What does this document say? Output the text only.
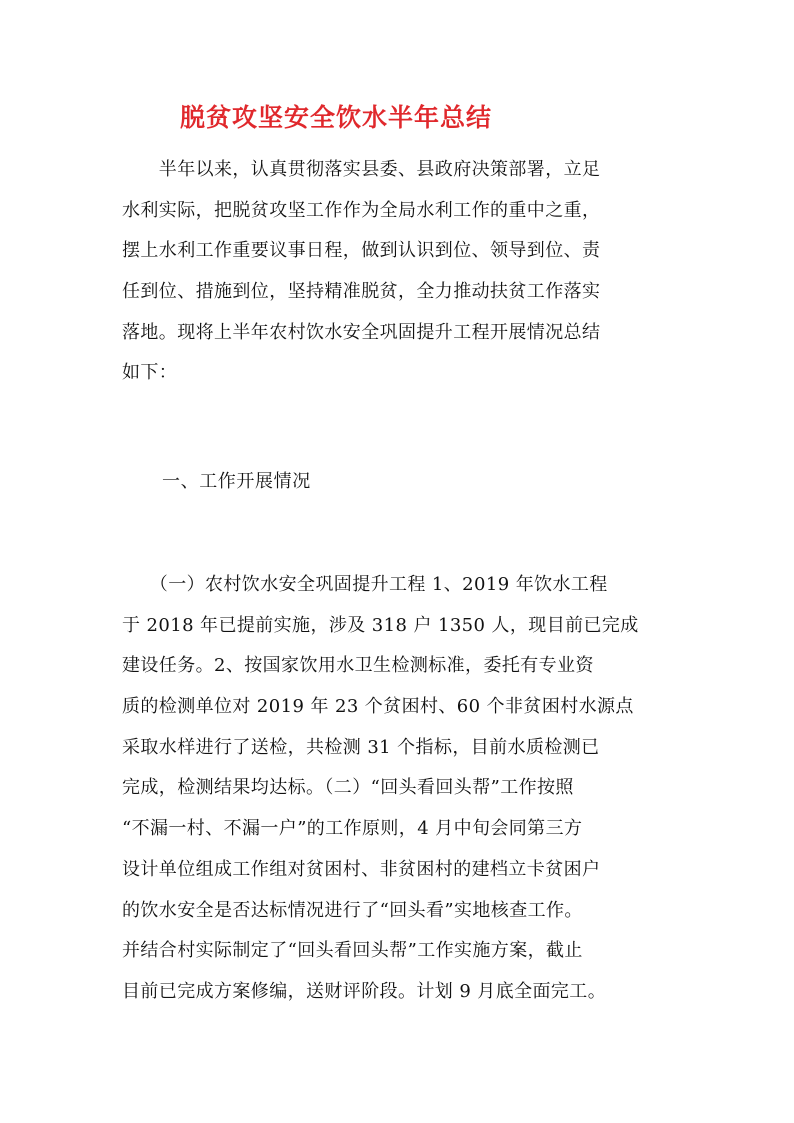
脱贫攻坚安全饮水半年总结
　　半年以来，认真贯彻落实县委、县政府决策部署，立足
水利实际，把脱贫攻坚工作作为全局水利工作的重中之重，
摆上水利工作重要议事日程，做到认识到位、领导到位、责
任到位、措施到位，坚持精准脱贫，全力推动扶贫工作落实
落地。现将上半年农村饮水安全巩固提升工程开展情况总结
如下：
一、工作开展情况
　　（一）农村饮水安全巩固提升工程 1、2019 年饮水工程
于 2018 年已提前实施，涉及 318 户 1350 人，现目前已完成
建设任务。2、按国家饮用水卫生检测标准，委托有专业资
质的检测单位对 2019 年 23 个贫困村、60 个非贫困村水源点
采取水样进行了送检，共检测 31 个指标，目前水质检测已
完成，检测结果均达标。（二）“回头看回头帮”工作按照
“不漏一村、不漏一户”的工作原则，4 月中旬会同第三方
设计单位组成工作组对贫困村、非贫困村的建档立卡贫困户
的饮水安全是否达标情况进行了“回头看”实地核查工作。
并结合村实际制定了“回头看回头帮”工作实施方案，截止
目前已完成方案修编，送财评阶段。计划 9 月底全面完工。
